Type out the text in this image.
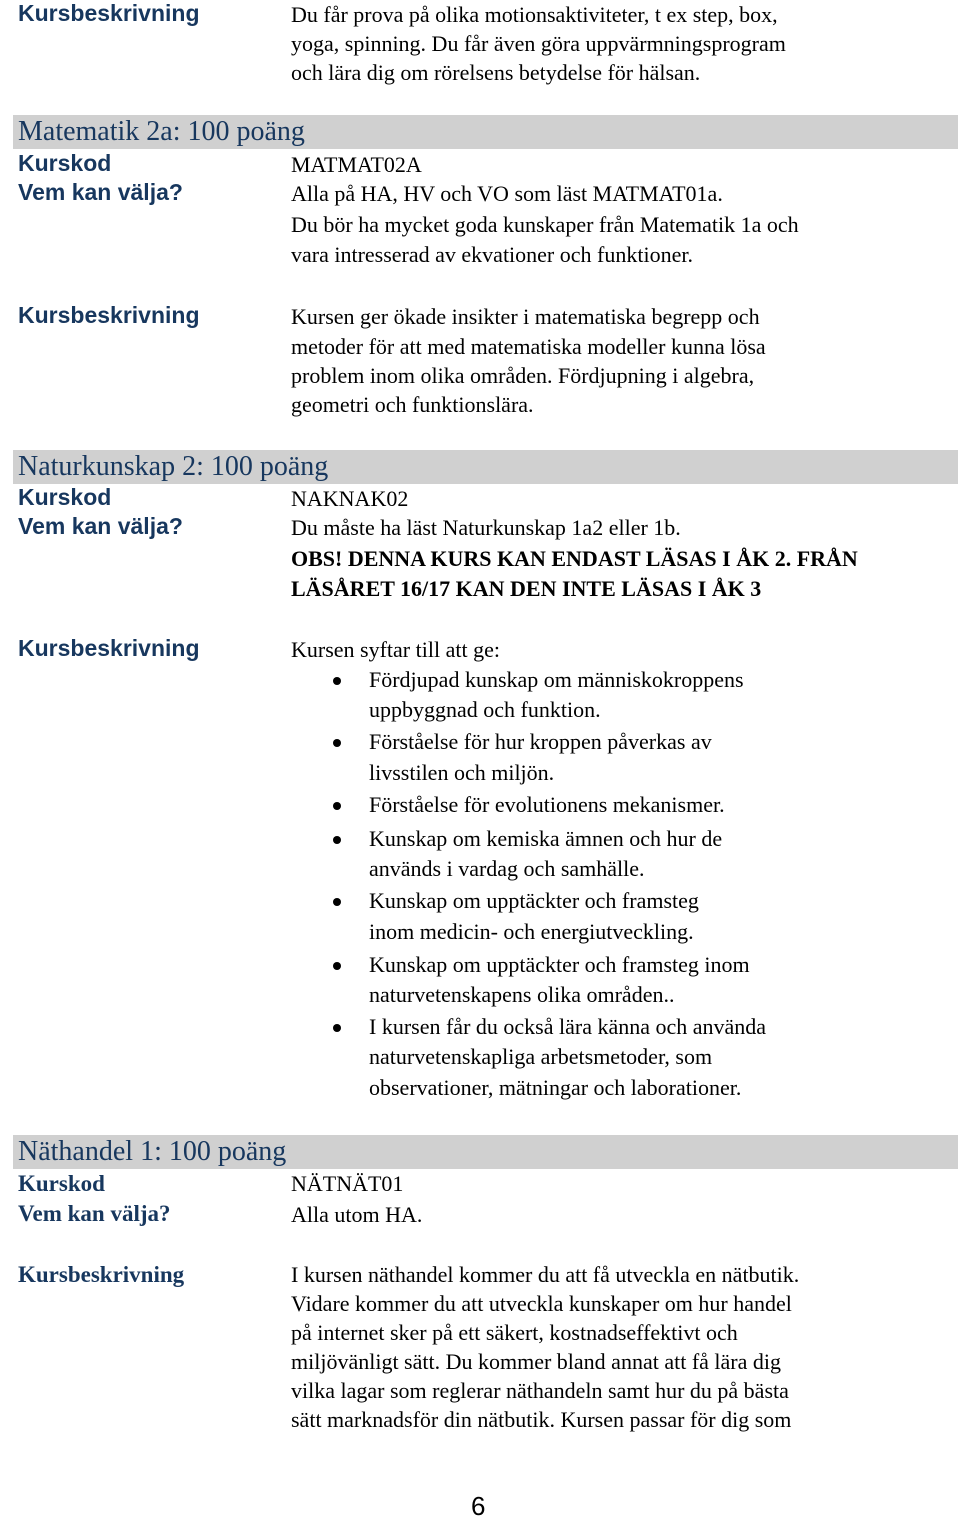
Kursbeskrivning	Du får prova på olika motionsaktiviteter, t ex step, box,
yoga, spinning. Du får även göra uppvärmningsprogram
och lära dig om rörelsens betydelse för hälsan.
Matematik 2a: 100 poäng
Kurskod	MATMAT02A
Vem kan välja?	Alla på HA, HV och VO som läst MATMAT01a.
Du bör ha mycket goda kunskaper från Matematik 1a och
vara intresserad av ekvationer och funktioner.
Kursbeskrivning	Kursen ger ökade insikter i matematiska begrepp och
metoder för att med matematiska modeller kunna lösa
problem inom olika områden. Fördjupning i algebra,
geometri och funktionslära.
Naturkunskap 2: 100 poäng
Kurskod	NAKNAK02
Vem kan välja?	Du måste ha läst Naturkunskap 1a2 eller 1b.
OBS! DENNA KURS KAN ENDAST LÄSAS I ÅK 2. FRÅN
LÄSÅRET 16/17 KAN DEN INTE LÄSAS I ÅK 3
Kursbeskrivning	Kursen syftar till att ge:
Fördjupad kunskap om människokroppens
uppbyggnad och funktion.
Förståelse för hur kroppen påverkas av
livsstilen och miljön.
Förståelse för evolutionens mekanismer.
Kunskap om kemiska ämnen och hur de
används i vardag och samhälle.
Kunskap om upptäckter och framsteg
inom medicin- och energiutveckling.
Kunskap om upptäckter och framsteg inom
naturvetenskapens olika områden..
I kursen får du också lära känna och använda
naturvetenskapliga arbetsmetoder, som
observationer, mätningar och laborationer.
Näthandel 1: 100 poäng
Kurskod	NÄTNÄT01
Vem kan välja?	Alla utom HA.
Kursbeskrivning	I kursen näthandel kommer du att få utveckla en nätbutik.
Vidare kommer du att utveckla kunskaper om hur handel
på internet sker på ett säkert, kostnadseffektivt och
miljövänligt sätt. Du kommer bland annat att få lära dig
vilka lagar som reglerar näthandeln samt hur du på bästa
sätt marknadsför din nätbutik. Kursen passar för dig som
6
